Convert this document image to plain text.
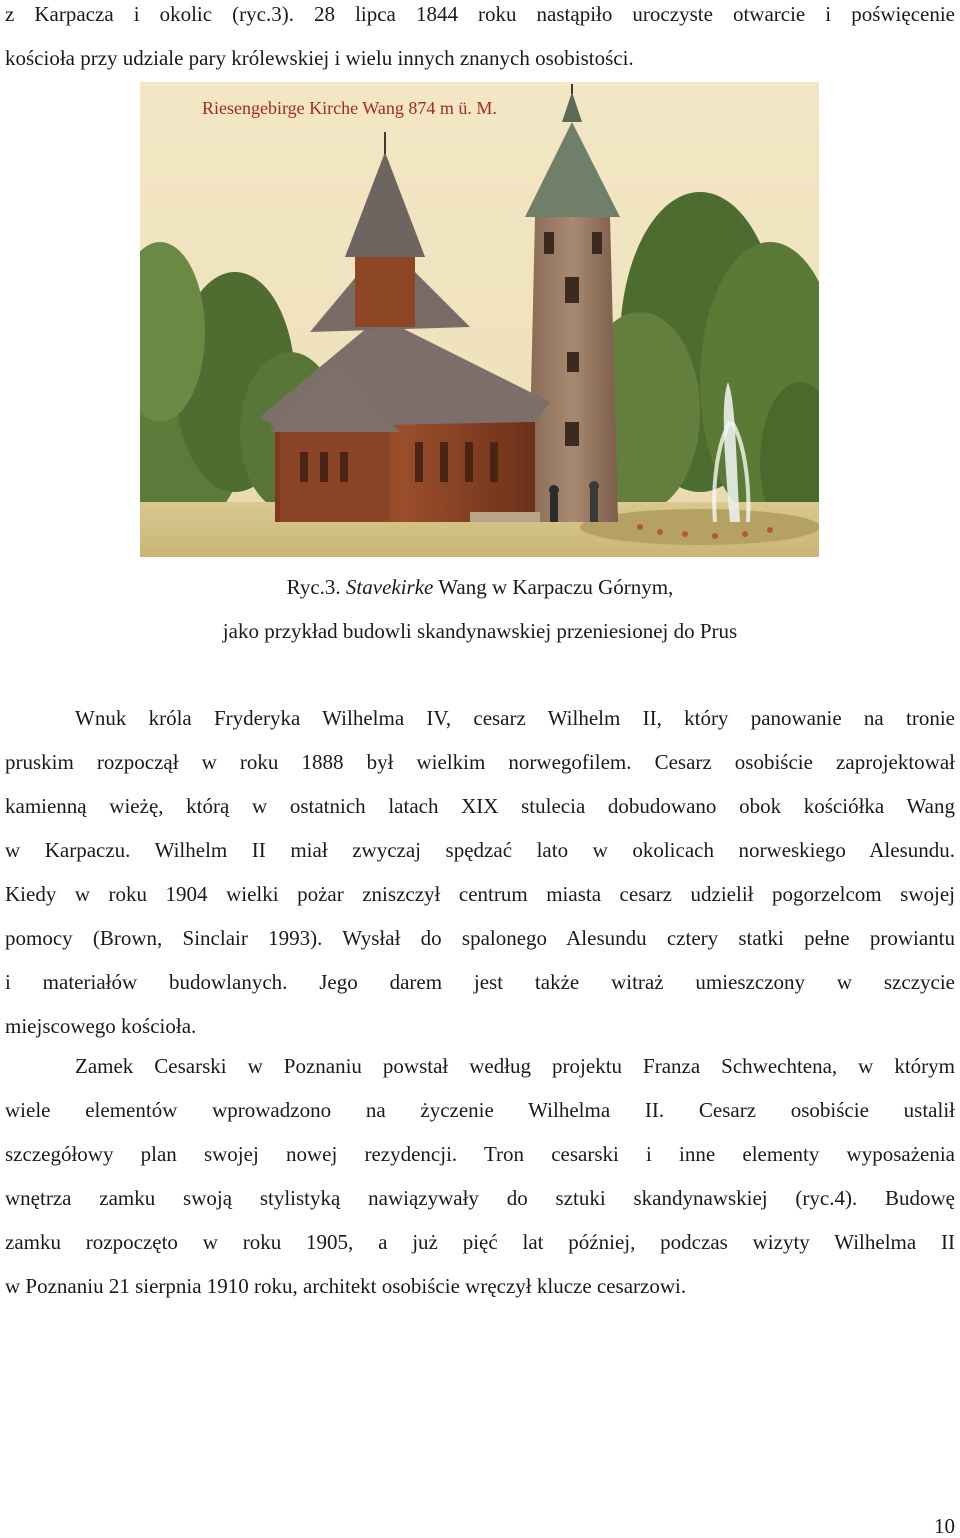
z Karpacza i okolic (ryc.3). 28 lipca 1844 roku nastąpiło uroczyste otwarcie i poświęcenie
kościoła przy udziale pary królewskiej i wielu innych znanych osobistości.
Riesengebirge Kirche Wang 874 m ü. M.
Ryc.3. Stavekirke Wang w Karpaczu Górnym,
jako przykład budowli skandynawskiej przeniesionej do Prus
Wnuk króla Fryderyka Wilhelma IV, cesarz Wilhelm II, który panowanie na tronie
pruskim rozpoczął w roku 1888 był wielkim norwegofilem. Cesarz osobiście zaprojektował
kamienną wieżę, którą w ostatnich latach XIX stulecia dobudowano obok kościółka Wang
w Karpaczu. Wilhelm II miał zwyczaj spędzać lato w okolicach norweskiego Alesundu.
Kiedy w roku 1904 wielki pożar zniszczył centrum miasta cesarz udzielił pogorzelcom swojej
pomocy (Brown, Sinclair 1993). Wysłał do spalonego Alesundu cztery statki pełne prowiantu
i materiałów budowlanych. Jego darem jest także witraż umieszczony w szczycie
miejscowego kościoła.
Zamek Cesarski w Poznaniu powstał według projektu Franza Schwechtena, w którym
wiele elementów wprowadzono na życzenie Wilhelma II. Cesarz osobiście ustalił
szczegółowy plan swojej nowej rezydencji. Tron cesarski i inne elementy wyposażenia
wnętrza zamku swoją stylistyką nawiązywały do sztuki skandynawskiej (ryc.4). Budowę
zamku rozpoczęto w roku 1905, a już pięć lat później, podczas wizyty Wilhelma II
w Poznaniu 21 sierpnia 1910 roku, architekt osobiście wręczył klucze cesarzowi.
10
